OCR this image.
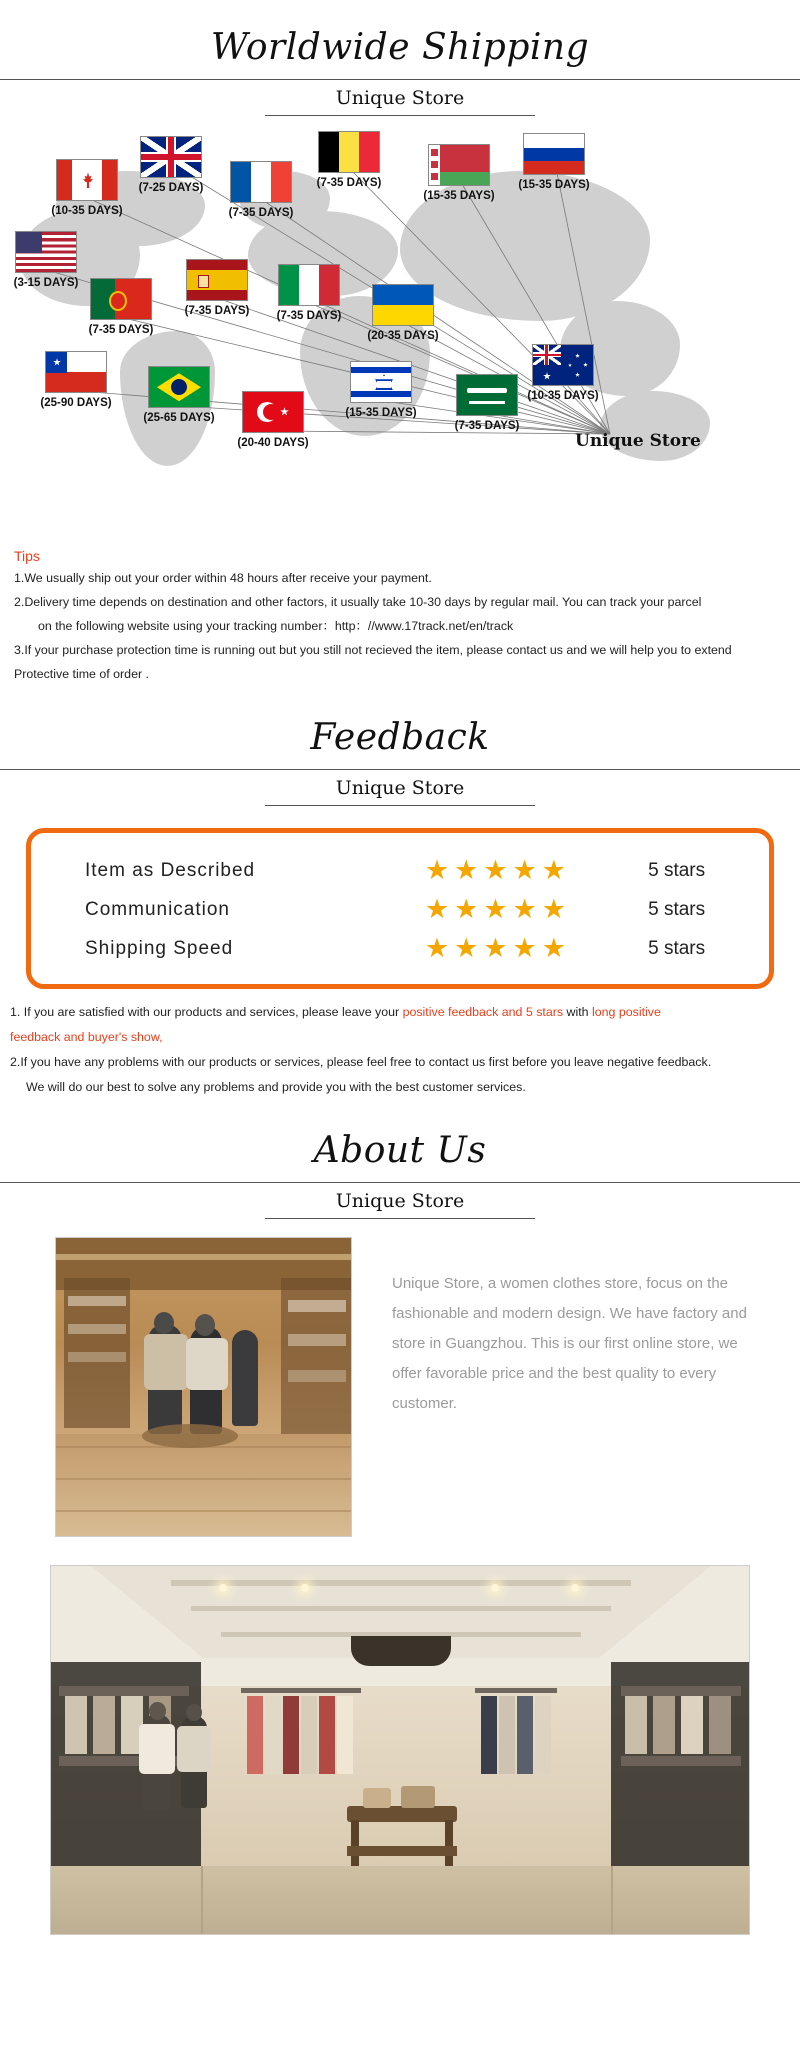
Worldwide Shipping
Unique Store
Unique Store
(7-25 DAYS)	(7-35 DAYS)
(15-35 DAYS)
(15-35 DAYS)
(10-35 DAYS)	(7-35 DAYS)
(3-15 DAYS)
(7-35 DAYS)	(7-35 DAYS)
(7-35 DAYS)	(20-35 DAYS)
(25-90 DAYS)
(25-65 DAYS)
(20-40 DAYS)
(15-35 DAYS)
(7-35 DAYS)
(10-35 DAYS)
Tips

1.We usually ship out your order within 48 hours after receive your payment.

2.Delivery time depends on destination and other factors, it usually take 10-30 days by regular mail. You can track your parcel

on the following website using your tracking number：http：//www.17track.net/en/track

3.If your purchase protection time is running out but you still not recieved the item, please contact us and we will help you to extend

Protective time of order .

Feedback
Unique Store
Item as Described	★★★★★	5 stars
Communication	★★★★★	5 stars
Shipping Speed	★★★★★	5 stars

1. If you are satisfied with our products and services, please leave your positive feedback and 5 stars with long positive

feedback and buyer's show,

2.If you have any problems with our products or services, please feel free to contact us first before you leave negative feedback.

We will do our best to solve any problems and provide you with the best customer services.

About Us
Unique Store
Unique Store, a women clothes store, focus on the fashionable and modern design. We have factory and store in Guangzhou. This is our first online store, we offer favorable price and the best quality to every customer.
